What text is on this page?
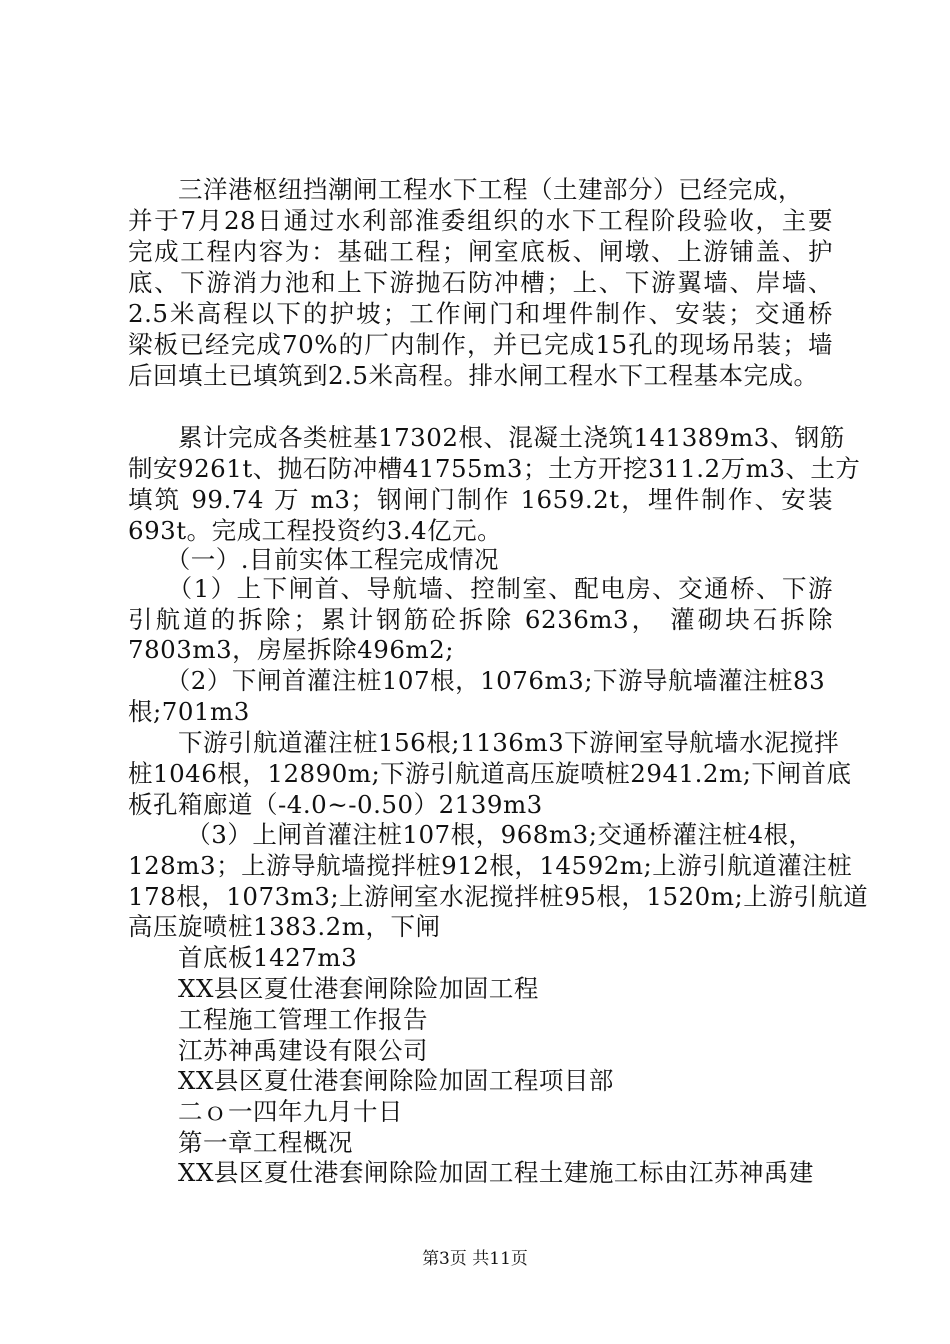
　　三洋港枢纽挡潮闸工程水下工程（土建部分）已经完成，
并于7月28日通过水利部淮委组织的水下工程阶段验收，主要
完成工程内容为：基础工程；闸室底板、闸墩、上游铺盖、护
底、下游消力池和上下游抛石防冲槽；上、下游翼墙、岸墙、
2.5米高程以下的护坡；工作闸门和埋件制作、安装；交通桥
梁板已经完成70%的厂内制作，并已完成15孔的现场吊装；墙
后回填土已填筑到2.5米高程。排水闸工程水下工程基本完成。
　　累计完成各类桩基17302根、混凝土浇筑141389m3、钢筋
制安9261t、抛石防冲槽41755m3；土方开挖311.2万m3、土方
填筑 99.74 万 m3；钢闸门制作 1659.2t，埋件制作、安装
693t。完成工程投资约3.4亿元。
　　（一）.目前实体工程完成情况
　　（1）上下闸首、导航墙、控制室、配电房、交通桥、下游
引航道的拆除；累计钢筋砼拆除 6236m3， 灌砌块石拆除
7803m3，房屋拆除496m2;
　　（2）下闸首灌注桩107根，1076m3;下游导航墙灌注桩83
根;701m3
　　下游引航道灌注桩156根;1136m3下游闸室导航墙水泥搅拌
桩1046根，12890m;下游引航道高压旋喷桩2941.2m;下闸首底
板孔箱廊道（-4.0~-0.50）2139m3
　　 （3）上闸首灌注桩107根，968m3;交通桥灌注桩4根，
128m3；上游导航墙搅拌桩912根，14592m;上游引航道灌注桩
178根，1073m3;上游闸室水泥搅拌桩95根，1520m;上游引航道
高压旋喷桩1383.2m，下闸
　　首底板1427m3
　　XX县区夏仕港套闸除险加固工程
　　工程施工管理工作报告
　　江苏神禹建设有限公司
　　XX县区夏仕港套闸除险加固工程项目部
　　二ｏ一四年九月十日
　　第一章工程概况
　　XX县区夏仕港套闸除险加固工程土建施工标由江苏神禹建
第3页 共11页
